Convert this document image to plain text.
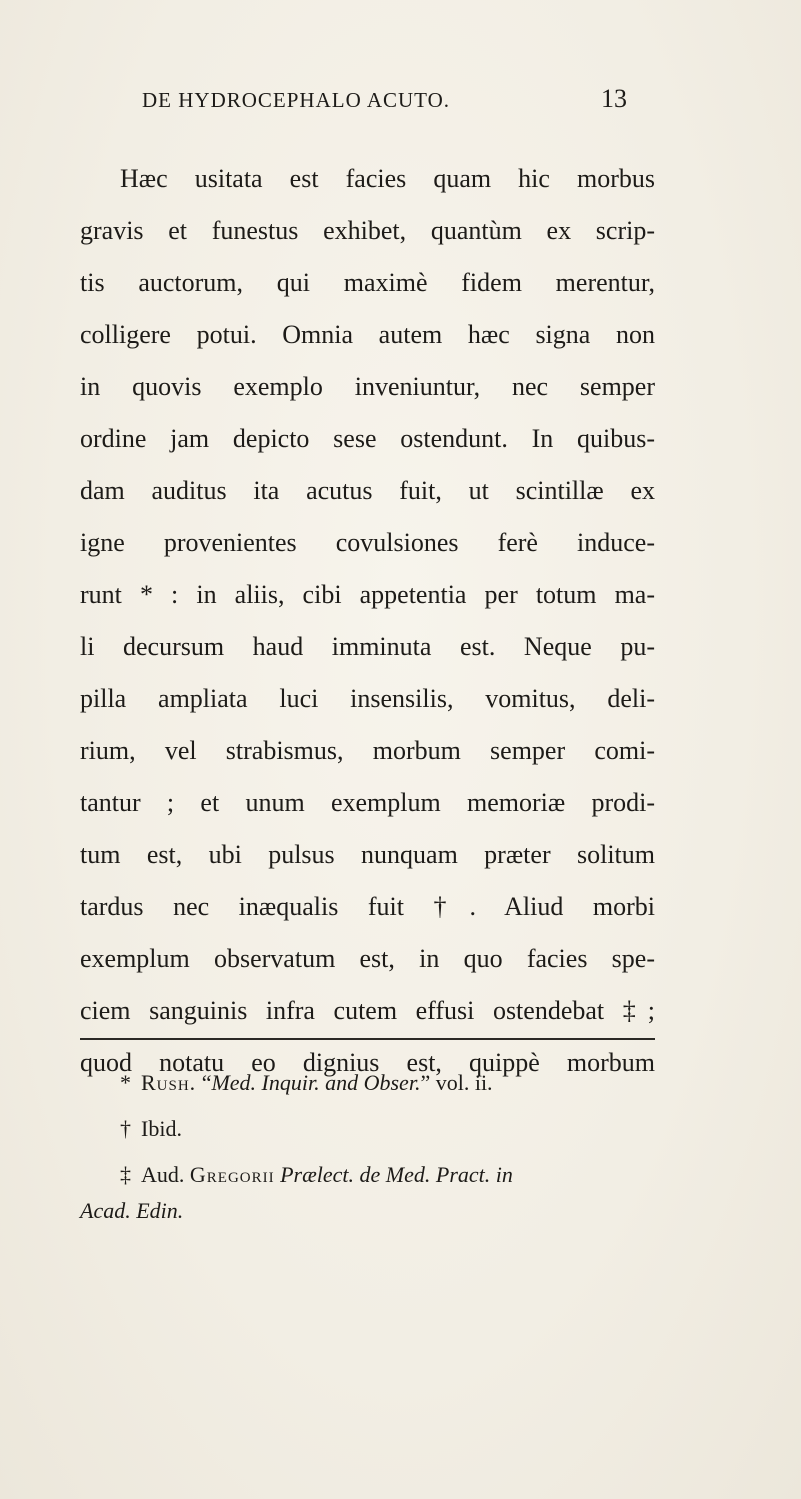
DE HYDROCEPHALO ACUTO.	13
Hæc usitata est facies quam hic morbus
gravis et funestus exhibet, quantùm ex scrip-
tis auctorum, qui maximè fidem merentur,
colligere potui. Omnia autem hæc signa non
in quovis exemplo inveniuntur, nec semper
ordine jam depicto sese ostendunt. In quibus-
dam auditus ita acutus fuit, ut scintillæ ex
igne provenientes covulsiones ferè induce-
runt * : in aliis, cibi appetentia per totum ma-
li decursum haud imminuta est. Neque pu-
pilla ampliata luci insensilis, vomitus, deli-
rium, vel strabismus, morbum semper comi-
tantur ; et unum exemplum memoriæ prodi-
tum est, ubi pulsus nunquam præter solitum
tardus nec inæqualis fuit †. Aliud morbi
exemplum observatum est, in quo facies spe-
ciem sanguinis infra cutem effusi ostendebat ‡;
quod notatu eo dignius est, quippè morbum
* Rush. “Med. Inquir. and Obser.” vol. ii.
† Ibid.
‡ Aud. Gregorii Prælect. de Med. Pract. in
Acad. Edin.
